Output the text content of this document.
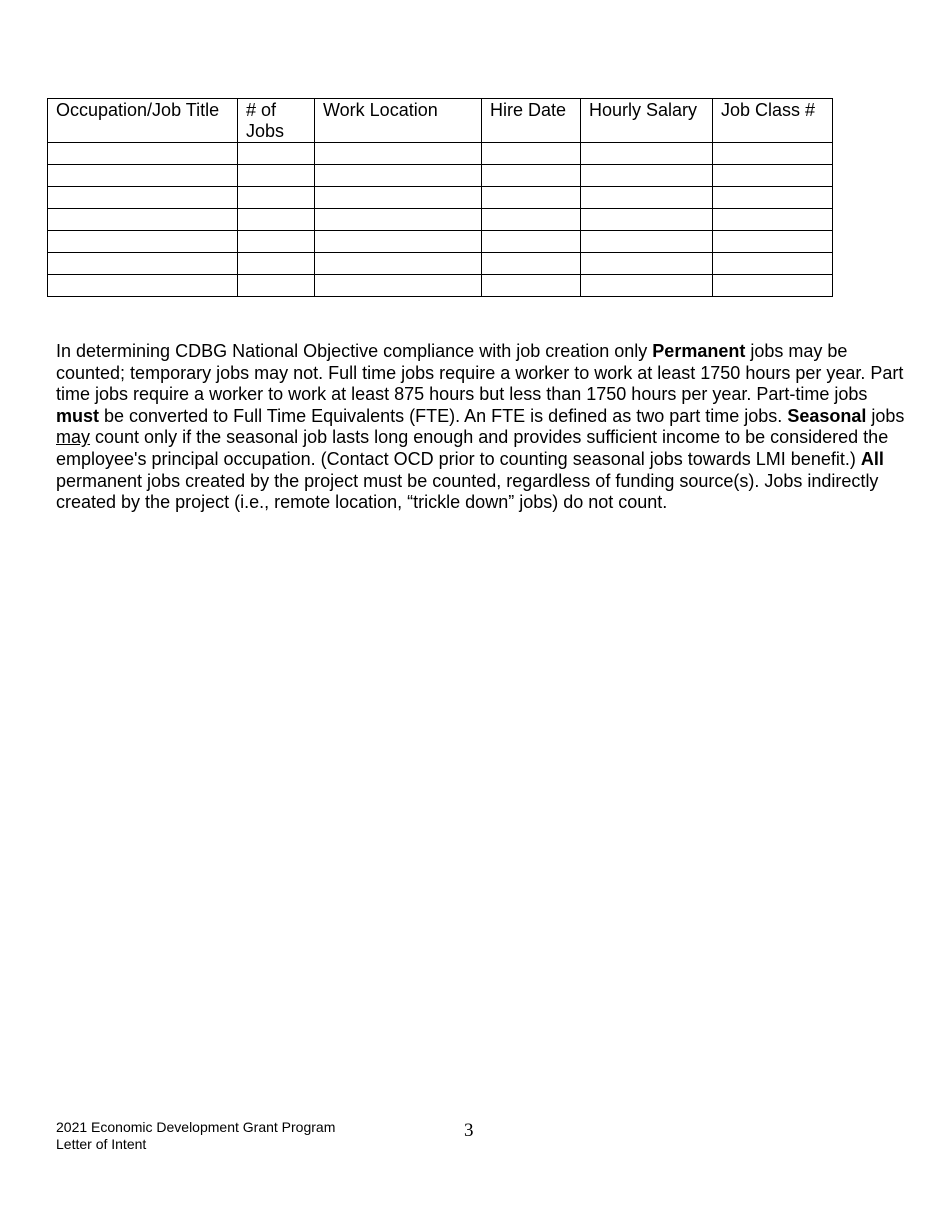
Occupation/Job Title	# of Jobs	Work Location	Hire Date	Hourly Salary	Job Class #

In determining CDBG National Objective compliance with job creation only Permanent jobs may be counted; temporary jobs may not. Full time jobs require a worker to work at least 1750 hours per year. Part time jobs require a worker to work at least 875 hours but less than 1750 hours per year. Part-time jobs must be converted to Full Time Equivalents (FTE). An FTE is defined as two part time jobs. Seasonal jobs may count only if the seasonal job lasts long enough and provides sufficient income to be considered the employee's principal occupation. (Contact OCD prior to counting seasonal jobs towards LMI benefit.) All permanent jobs created by the project must be counted, regardless of funding source(s). Jobs indirectly created by the project (i.e., remote location, “trickle down” jobs) do not count.

2021 Economic Development Grant Program
Letter of Intent
3
